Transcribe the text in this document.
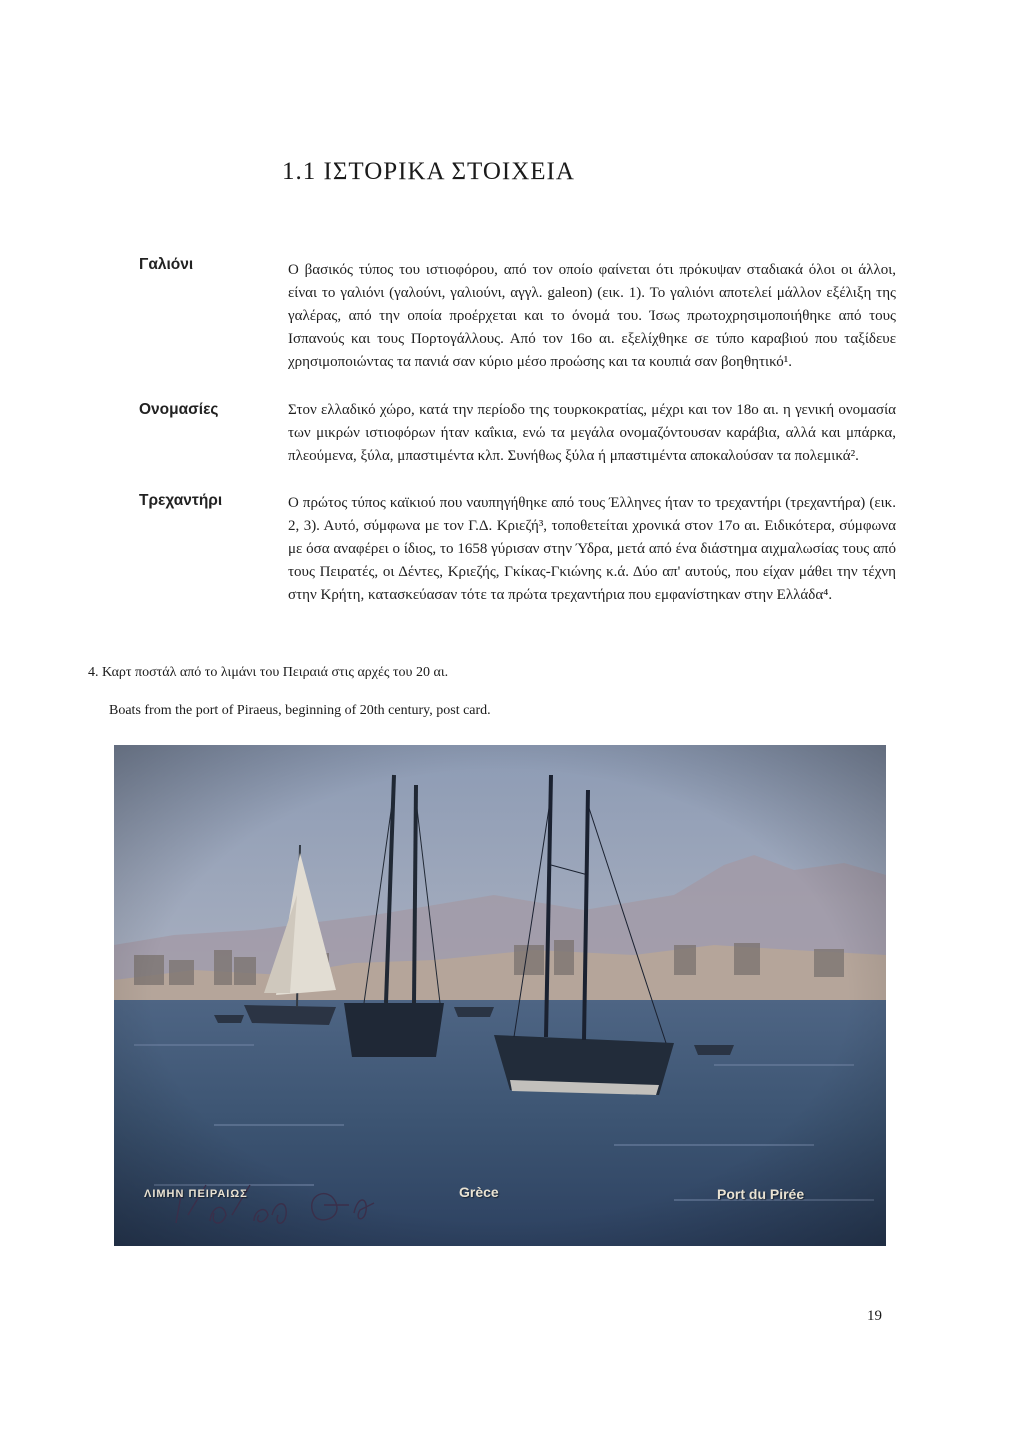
1.1 ΙΣΤΟΡΙΚΑ ΣΤΟΙΧΕΙΑ
Γαλιόνι	Ο βασικός τύπος του ιστιοφόρου, από τον οποίο φαίνεται ότι πρόκυψαν σταδιακά όλοι οι άλλοι, είναι το γαλιόνι (γαλούνι, γαλιούνι, αγγλ. galeon) (εικ. 1). Το γαλιόνι αποτελεί μάλλον εξέλιξη της γαλέρας, από την οποία προέρχεται και το όνομά του. Ίσως πρωτοχρησιμοποιήθηκε από τους Ισπανούς και τους Πορτογάλλους. Από τον 16ο αι. εξελίχθηκε σε τύπο καραβιού που ταξίδευε χρησιμοποιώντας τα πανιά σαν κύριο μέσο προώσης και τα κουπιά σαν βοηθητικό¹.

Ονομασίες	Στον ελλαδικό χώρο, κατά την περίοδο της τουρκοκρατίας, μέχρι και τον 18ο αι. η γενική ονομασία των μικρών ιστιοφόρων ήταν καΐκια, ενώ τα μεγάλα ονομαζόντουσαν καράβια, αλλά και μπάρκα, πλεούμενα, ξύλα, μπαστιμέντα κλπ. Συνήθως ξύλα ή μπαστιμέντα αποκαλούσαν τα πολεμικά².

Τρεχαντήρι	Ο πρώτος τύπος καϊκιού που ναυπηγήθηκε από τους Έλληνες ήταν το τρεχαντήρι (τρεχαντήρα) (εικ. 2, 3). Αυτό, σύμφωνα με τον Γ.Δ. Κριεζή³, τοποθετείται χρονικά στον 17ο αι. Ειδικότερα, σύμφωνα με όσα αναφέρει ο ίδιος, το 1658 γύρισαν στην Ύδρα, μετά από ένα διάστημα αιχμαλωσίας τους από τους Πειρατές, οι Δέντες, Κριεζής, Γκίκας-Γκιώνης κ.ά. Δύο απ' αυτούς, που είχαν μάθει την τέχνη στην Κρήτη, κατασκεύασαν τότε τα πρώτα τρεχαντήρια που εμφανίστηκαν στην Ελλάδα⁴.

4. Καρτ ποστάλ από το λιμάνι του Πειραιά στις αρχές του 20 αι.

Boats from the port of Piraeus, beginning of 20th century, post card.

ΛΙΜΗΝ ΠΕΙΡΑΙΩΣ	Grèce	Port du Pirée
19
